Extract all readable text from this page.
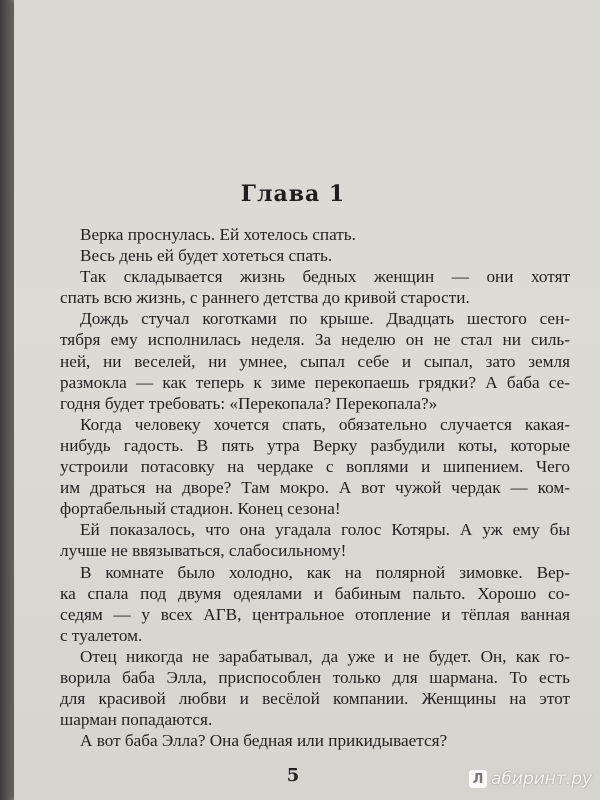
Глава 1

Верка проснулась. Ей хотелось спать.

Весь день ей будет хотеться спать.

Так складывается жизнь бедных женщин — они хотят
спать всю жизнь, с раннего детства до кривой старости.

Дождь стучал коготками по крыше. Двадцать шестого сен-
тября ему исполнилась неделя. За неделю он не стал ни силь-
ней, ни веселей, ни умнее, сыпал себе и сыпал, зато земля
размокла — как теперь к зиме перекопаешь грядки? А баба се-
годня будет требовать: «Перекопала? Перекопала?»

Когда человеку хочется спать, обязательно случается какая-
нибудь гадость. В пять утра Верку разбудили коты, которые
устроили потасовку на чердаке с воплями и шипением. Чего
им драться на дворе? Там мокро. А вот чужой чердак — ком-
фортабельный стадион. Конец сезона!

Ей показалось, что она угадала голос Котяры. А уж ему бы
лучше не ввязываться, слабосильному!

В комнате было холодно, как на полярной зимовке. Вер-
ка спала под двумя одеялами и бабиным пальто. Хорошо со-
седям — у всех АГВ, центральное отопление и тёплая ванная
с туалетом.

Отец никогда не зарабатывал, да уже и не будет. Он, как го-
ворила баба Элла, приспособлен только для шармана. То есть
для красивой любви и весёлой компании. Женщины на этот
шарман попадаются.

А вот баба Элла? Она бедная или прикидывается?

5	Л абиринт.ру
